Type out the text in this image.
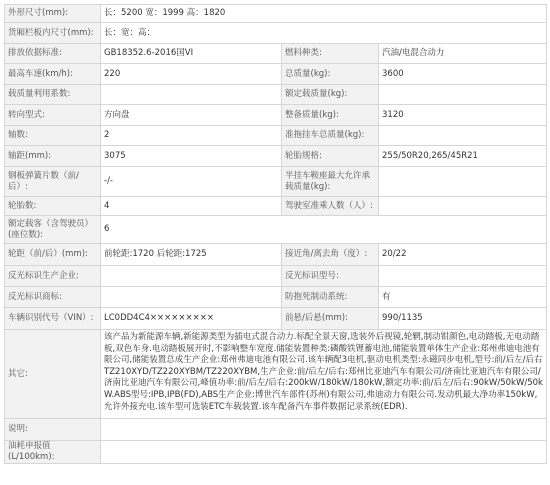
外形尺寸(mm):	长：5200 宽：1999 高：1820		
货厢栏板内尺寸(mm):	长：宽：高：		
排放依据标准:	GB18352.6-2016国VI	燃料种类:	汽油/电混合动力
最高车速(km/h):	220	总质量(kg):	3600
载质量利用系数:		额定载质量(kg):	
转向型式:	方向盘	整备质量(kg):	3120
轴数:	2	准拖挂车总质量(kg):	
轴距(mm):	3075	轮胎规格:	255/50R20,265/45R21
钢板弹簧片数（前/后）:	-/-	半挂车鞍座最大允许承载质量(kg):	
轮胎数:	4	驾驶室准乘人数（人）:	
额定载客（含驾驶员）(座位数):	6		
轮距（前/后）(mm):	前轮距:1720 后轮距:1725	接近角/离去角（度）:	20/22
反光标识生产企业:		反光标识型号:	
反光标识商标:		防抱死制动系统:	有
车辆识别代号（VIN）:	LC0DD4C4×××××××××	前悬/后悬(mm):	990/1135
其它:	该产品为新能源车辆,新能源类型为插电式混合动力.标配全景天窗,选装外后视镜,轮辋,制动钳颜色,电动踏板,无电动踏板,双色车身.电动踏板展开时,不影响整车宽度.储能装置种类:磷酸铁锂蓄电池,储能装置单体生产企业:郑州弗迪电池有限公司,储能装置总成生产企业:郑州弗迪电池有限公司.该车辆配3电机,驱动电机类型:永磁同步电机,型号:前/后左/后右TZ210XYD/TZ220XYBM/TZ220XYBM,生产企业:前/后左/后右:郑州比亚迪汽车有限公司/济南比亚迪汽车有限公司/济南比亚迪汽车有限公司,峰值功率:前/后左/后右:200kW/180kW/180kW,额定功率:前/后左/后右:90kW/50kW/50kW.ABS型号:IPB,IPB(FD),ABS生产企业:博世汽车部件(苏州)有限公司,弗迪动力有限公司.发动机最大净功率150kW,允许外接充电.该车型可选装ETC车载装置.该车配备汽车事件数据记录系统(EDR).		
说明:			
油耗申报值(L/100km):			
